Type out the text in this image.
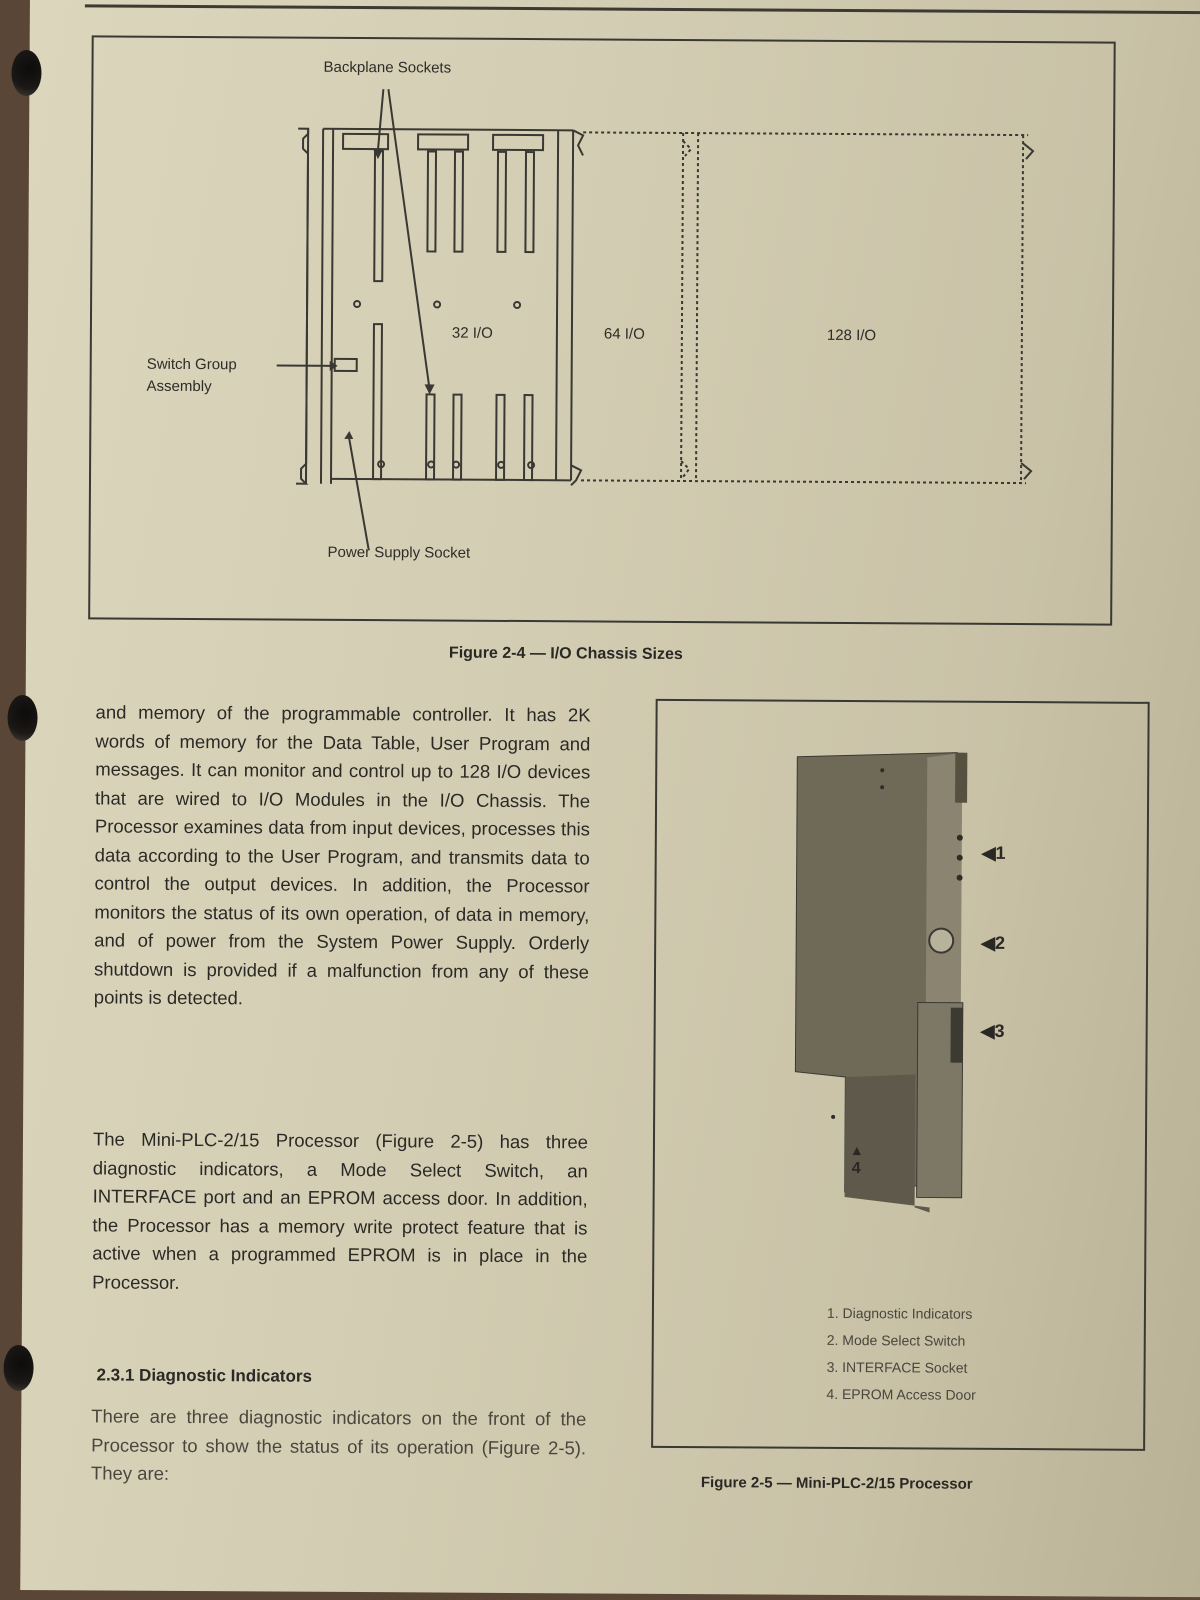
Backplane Sockets
Switch Group
Assembly
Power Supply Socket
32 I/O	64 I/O	128 I/O
Figure 2-4 — I/O Chassis Sizes
and memory of the programmable controller. It has 2K words of memory for the Data Table, User Program and messages. It can monitor and control up to 128 I/O devices that are wired to I/O Modules in the I/O Chassis. The Processor examines data from input devices, processes this data according to the User Program, and transmits data to control the output devices. In addition, the Processor monitors the status of its own operation, of data in memory, and of power from the System Power Supply. Orderly shutdown is provided if a malfunction from any of these points is detected.
The Mini-PLC-2/15 Processor (Figure 2-5) has three diagnostic indicators, a Mode Select Switch, an INTERFACE port and an EPROM access door. In addition, the Processor has a memory write protect feature that is active when a programmed EPROM is in place in the Processor.
2.3.1 Diagnostic Indicators
There are three diagnostic indicators on the front of the Processor to show the status of its operation (Figure 2-5). They are:
◀1
◀2
◀3
▲
4
1. Diagnostic Indicators
2. Mode Select Switch
3. INTERFACE Socket
4. EPROM Access Door
Figure 2-5 — Mini-PLC-2/15 Processor
